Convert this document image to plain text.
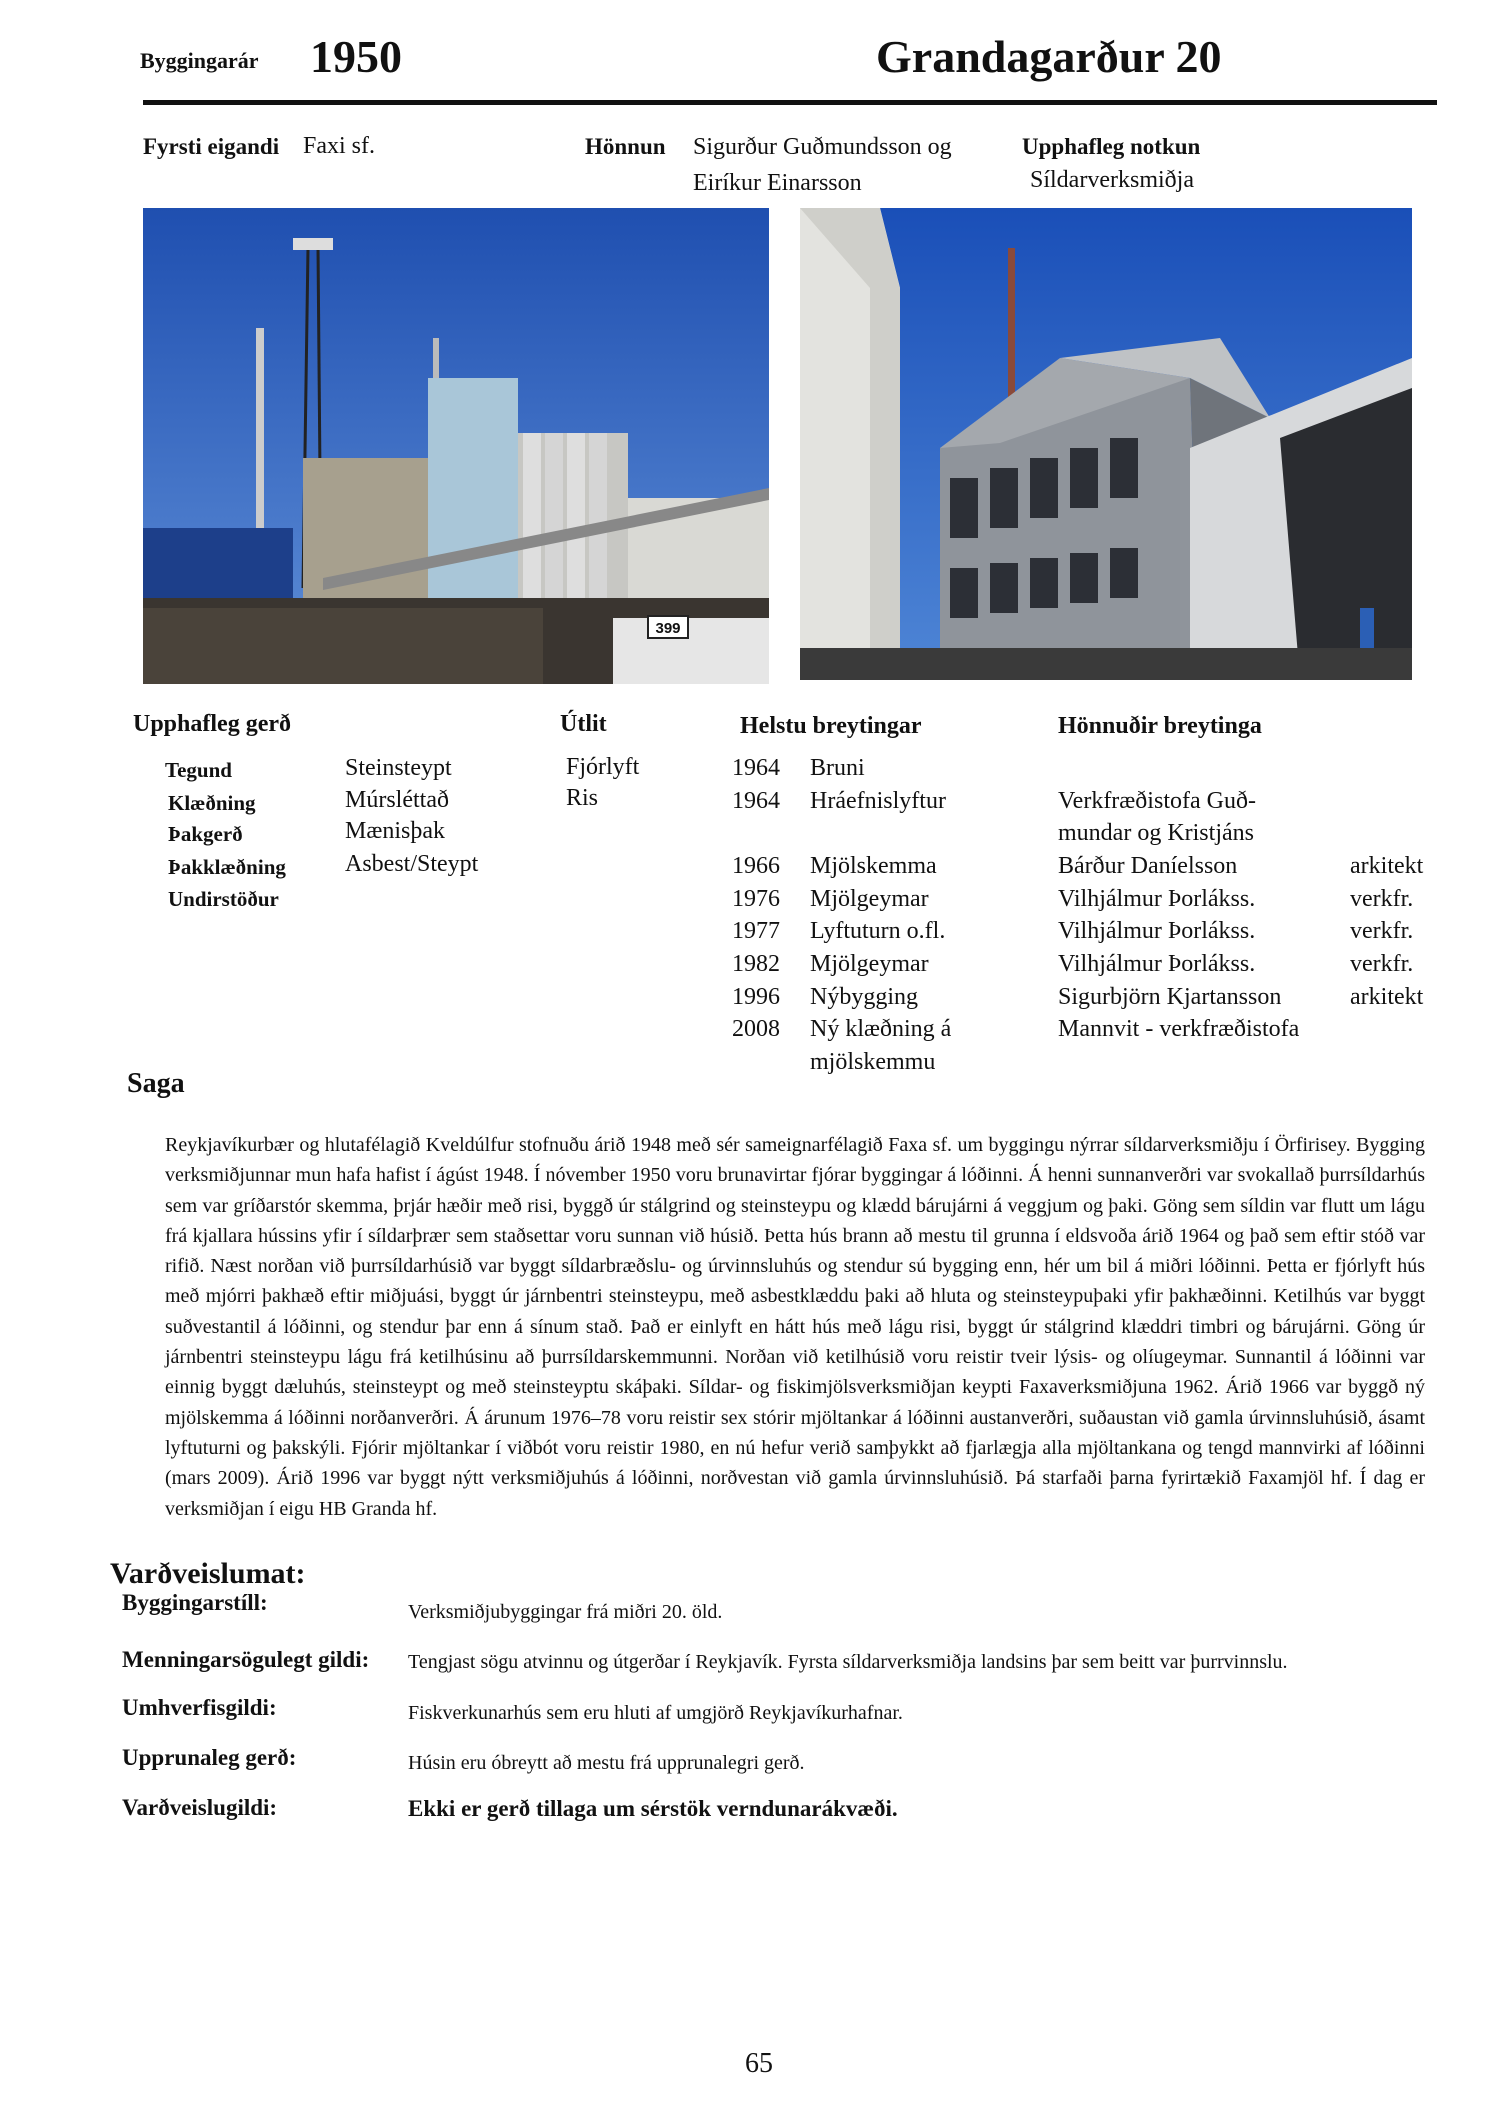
Byggingarár 1950	Grandagarður 20
Fyrsti eigandi Faxi sf.	Hönnun Sigurður Guðmundsson og
Eiríkur Einarsson
Upphafleg notkun
Síldarverksmiðja
399
Upphafleg gerð	Útlit	Helstu breytingar	Hönnuðir breytinga
Tegund	Steinsteypt
Klæðning	Múrsléttað
Þakgerð	Mænisþak
Þakklæðning Asbest/Steypt
Undirstöður
Fjórlyft
Ris
1964 Bruni
1964 Hráefnislyftur	Verkfræðistofa Guð-
mundar og Kristjáns
1966 Mjölskemma	Bárður Daníelsson	arkitekt
1976 Mjölgeymar	Vilhjálmur Þorlákss.	verkfr.
1977 Lyftuturn o.fl.	Vilhjálmur Þorlákss.	verkfr.
1982 Mjölgeymar	Vilhjálmur Þorlákss.	verkfr.
1996 Nýbygging	Sigurbjörn Kjartansson	arkitekt
2008 Ný klæðning á	Mannvit - verkfræðistofa
mjölskemmu
Saga
Reykjavíkurbær og hlutafélagið Kveldúlfur stofnuðu árið 1948 með sér sameignarfélagið Faxa sf. um byggingu nýrrar síldarverksmiðju í Örfirisey. Bygging verksmiðjunnar mun hafa hafist í ágúst 1948. Í nóvember 1950 voru brunavirtar fjórar byggingar á lóðinni. Á henni sunnanverðri var svokallað þurrsíldarhús sem var gríðarstór skemma, þrjár hæðir með risi, byggð úr stálgrind og steinsteypu og klædd bárujárni á veggjum og þaki. Göng sem síldin var flutt um lágu frá kjallara hússins yfir í síldarþræг sem staðsettar voru sunnan við húsið. Þetta hús brann að mestu til grunna í eldsvoða árið 1964 og það sem eftir stóð var rifið. Næst norðan við þurrsíldarhúsið var byggt síldarbræðslu- og úrvinnsluhús og stendur sú bygging enn, hér um bil á miðri lóðinni. Þetta er fjórlyft hús með mjórri þakhæð eftir miðjuási, byggt úr járnbentri steinsteypu, með asbestklæddu þaki að hluta og steinsteypuþaki yfir þakhæðinni. Ketilhús var byggt suðvestantil á lóðinni, og stendur þar enn á sínum stað. Það er einlyft en hátt hús með lágu risi, byggt úr stálgrind klæddri timbri og bárujárni. Göng úr járnbentri steinsteypu lágu frá ketilhúsinu að þurrsíldarskemmunni. Norðan við ketilhúsið voru reistir tveir lýsis- og olíugeymar. Sunnantil á lóðinni var einnig byggt dæluhús, steinsteypt og með steinsteyptu skáþaki. Síldar- og fiskimjölsverksmiðjan keypti Faxaverksmiðjuna 1962. Árið 1966 var byggð ný mjölskemma á lóðinni norðanverðri. Á árunum 1976–78 voru reistir sex stórir mjöltankar á lóðinni austanverðri, suðaustan við gamla úrvinnsluhúsið, ásamt lyftuturni og þakskýli. Fjórir mjöltankar í viðbót voru reistir 1980, en nú hefur verið samþykkt að fjarlægja alla mjöltankana og tengd mannvirki af lóðinni (mars 2009). Árið 1996 var byggt nýtt verksmiðjuhús á lóðinni, norðvestan við gamla úrvinnsluhúsið. Þá starfaði þarna fyrirtækið Faxamjöl hf. Í dag er verksmiðjan í eigu HB Granda hf.
Varðveislumat:
Byggingarstíll:	Verksmiðjubyggingar frá miðri 20. öld.
Menningarsögulegt gildi: Tengjast sögu atvinnu og útgerðar í Reykjavík. Fyrsta síldarverksmiðja landsins þar sem beitt var þurrvinnslu.
Umhverfisgildi:	Fiskverkunarhús sem eru hluti af umgjörð Reykjavíkurhafnar.
Upprunaleg gerð:	Húsin eru óbreytt að mestu frá upprunalegri gerð.
Varðveislugildi:	Ekki er gerð tillaga um sérstök verndunarákvæði.
65
